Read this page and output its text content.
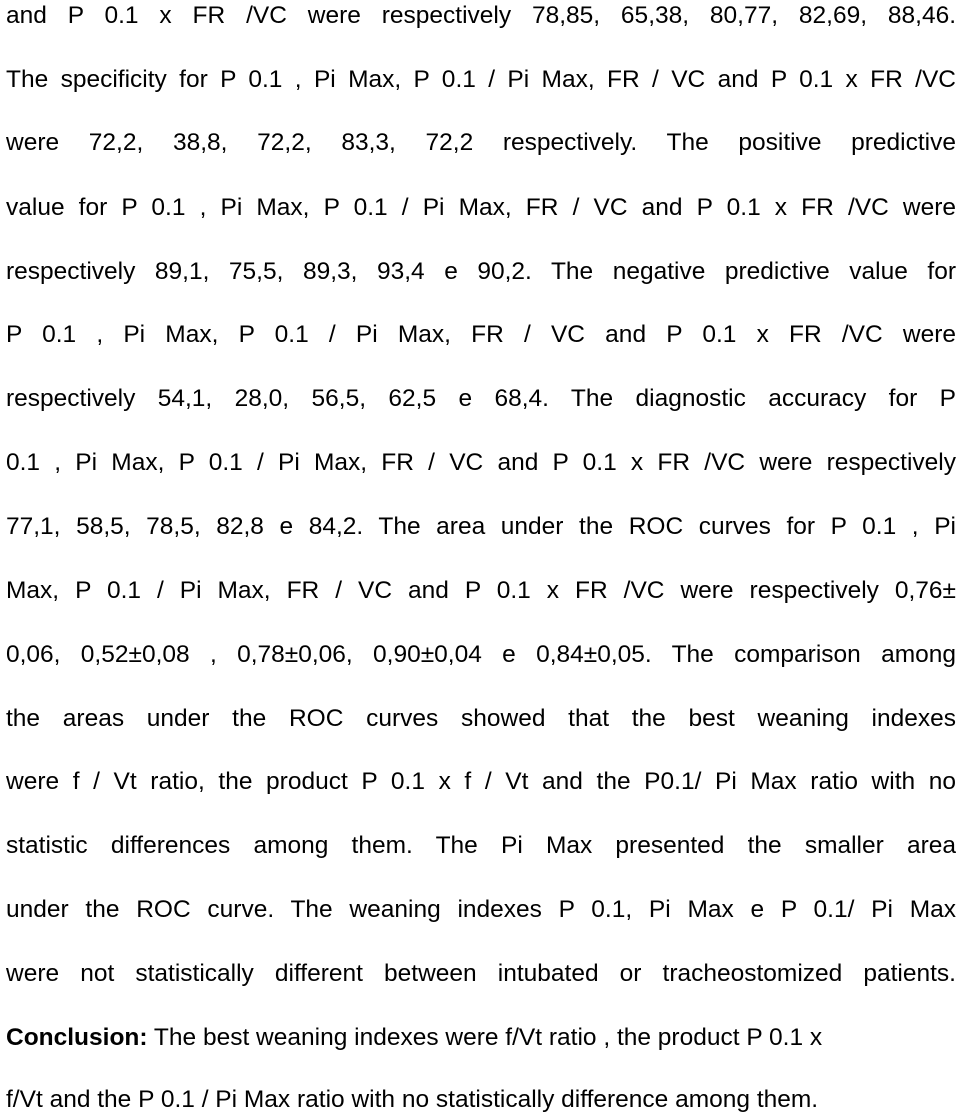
and P 0.1 x FR /VC were respectively 78,85, 65,38, 80,77, 82,69, 88,46.
The specificity for P 0.1 , Pi Max, P 0.1 / Pi Max, FR / VC and P 0.1 x FR /VC
were 72,2, 38,8, 72,2, 83,3, 72,2 respectively. The positive predictive
value for P 0.1 , Pi Max, P 0.1 / Pi Max, FR / VC and P 0.1 x FR /VC were
respectively 89,1, 75,5, 89,3, 93,4 e 90,2. The negative predictive value for
P 0.1 , Pi Max, P 0.1 / Pi Max, FR / VC and P 0.1 x FR /VC were
respectively 54,1, 28,0, 56,5, 62,5 e 68,4. The diagnostic accuracy for P
0.1 , Pi Max, P 0.1 / Pi Max, FR / VC and P 0.1 x FR /VC were respectively
77,1, 58,5, 78,5, 82,8 e 84,2. The area under the ROC curves for P 0.1 , Pi
Max, P 0.1 / Pi Max, FR / VC and P 0.1 x FR /VC were respectively 0,76±
0,06, 0,52±0,08 , 0,78±0,06, 0,90±0,04 e 0,84±0,05. The comparison among
the areas under the ROC curves showed that the best weaning indexes
were f / Vt ratio, the product P 0.1 x f / Vt and the P0.1/ Pi Max ratio with no
statistic differences among them. The Pi Max presented the smaller area
under the ROC curve. The weaning indexes P 0.1, Pi Max e P 0.1/ Pi Max
were not statistically different between intubated or tracheostomized patients.
Conclusion: The best weaning indexes were f/Vt ratio , the product P 0.1 x
f/Vt and the P 0.1 / Pi Max ratio with no statistically difference among them.
